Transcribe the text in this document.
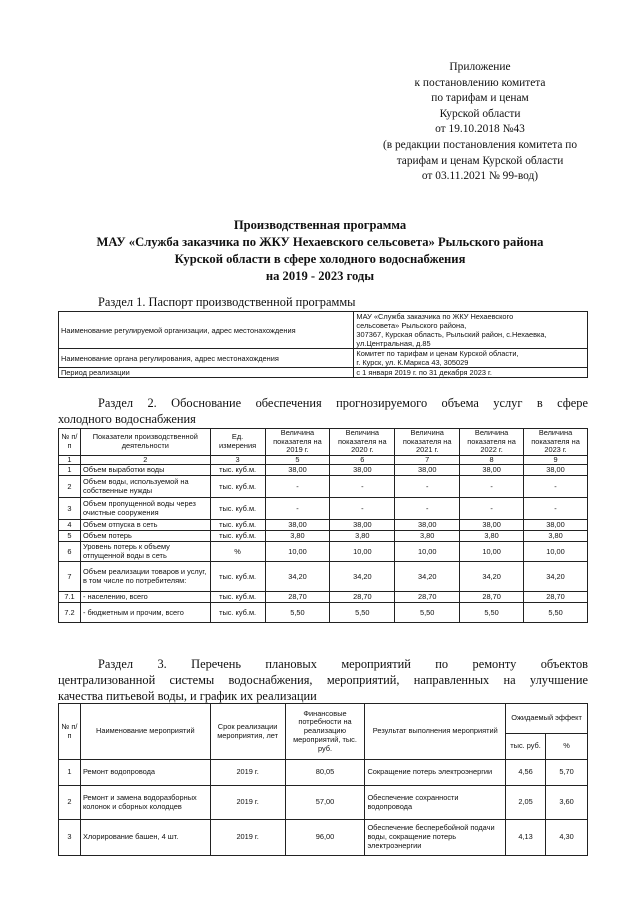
Приложение
к постановлению комитета
по тарифам и ценам
Курской области
от 19.10.2018 №43
(в редакции постановления комитета по
тарифам и ценам Курской области
от 03.11.2021 № 99-вод)
Производственная программа
МАУ «Служба заказчика по ЖКУ Нехаевского сельсовета» Рыльского района
Курской области в сфере холодного водоснабжения
на 2019 - 2023 годы
Раздел 1. Паспорт производственной программы
Наименование регулируемой организации, адрес местонахождения	МАУ «Служба заказчика по ЖКУ Нехаевского
сельсовета» Рыльского района,
307367, Курская область, Рыльский район, с.Нехаевка,
ул.Центральная, д.85

Наименование органа регулирования, адрес местонахождения	Комитет по тарифам и ценам Курской области,
г. Курск, ул. К.Маркса 43, 305029

Период реализации	с 1 января 2019 г. по 31 декабря 2023 г.
Раздел 2. Обоснование обеспечения прогнозируемого объема услуг в сфере
холодного водоснабжения
№ п/п	Показатели производственной деятельности	Ед. измерения	Величина показателя на 2019 г.	Величина показателя на 2020 г.	Величина показателя на 2021 г.	Величина показателя на 2022 г.	Величина показателя на 2023 г.
1	2	3	5	6	7	8	9
1	Объем выработки воды	тыс. куб.м.	38,00	38,00	38,00	38,00	38,00
2	Объем воды, используемой на собственные нужды	тыс. куб.м.	-	-	-	-	-
3	Объем пропущенной воды через очистные сооружения	тыс. куб.м.	-	-	-	-	-
4	Объем отпуска в сеть	тыс. куб.м.	38,00	38,00	38,00	38,00	38,00
5	Объем потерь	тыс. куб.м.	3,80	3,80	3,80	3,80	3,80
6	Уровень потерь к объему отпущенной воды в сеть	%	10,00	10,00	10,00	10,00	10,00
7	Объем реализации товаров и услуг, в том числе по потребителям:	тыс. куб.м.	34,20	34,20	34,20	34,20	34,20
7.1	- населению, всего	тыс. куб.м.	28,70	28,70	28,70	28,70	28,70
7.2	- бюджетным и прочим, всего	тыс. куб.м.	5,50	5,50	5,50	5,50	5,50
Раздел 3. Перечень плановых мероприятий по ремонту объектов
централизованной системы водоснабжения, мероприятий, направленных на улучшение
качества питьевой воды, и график их реализации
№ п/п	Наименование мероприятий	Срок реализации мероприятия, лет	Финансовые потребности на реализацию мероприятий, тыс. руб.	Результат выполнения мероприятий	Ожидаемый эффект	
					тыс. руб.	%
1	Ремонт водопровода	2019 г.	80,05	Сокращение потерь электроэнергии	4,56	5,70
2	Ремонт и замена водоразборных колонок и сборных колодцев	2019 г.	57,00	Обеспечение сохранности водопровода	2,05	3,60
3	Хлорирование башен, 4 шт.	2019 г.	96,00	Обеспечение бесперебойной подачи воды, сокращение потерь электроэнергии	4,13	4,30
